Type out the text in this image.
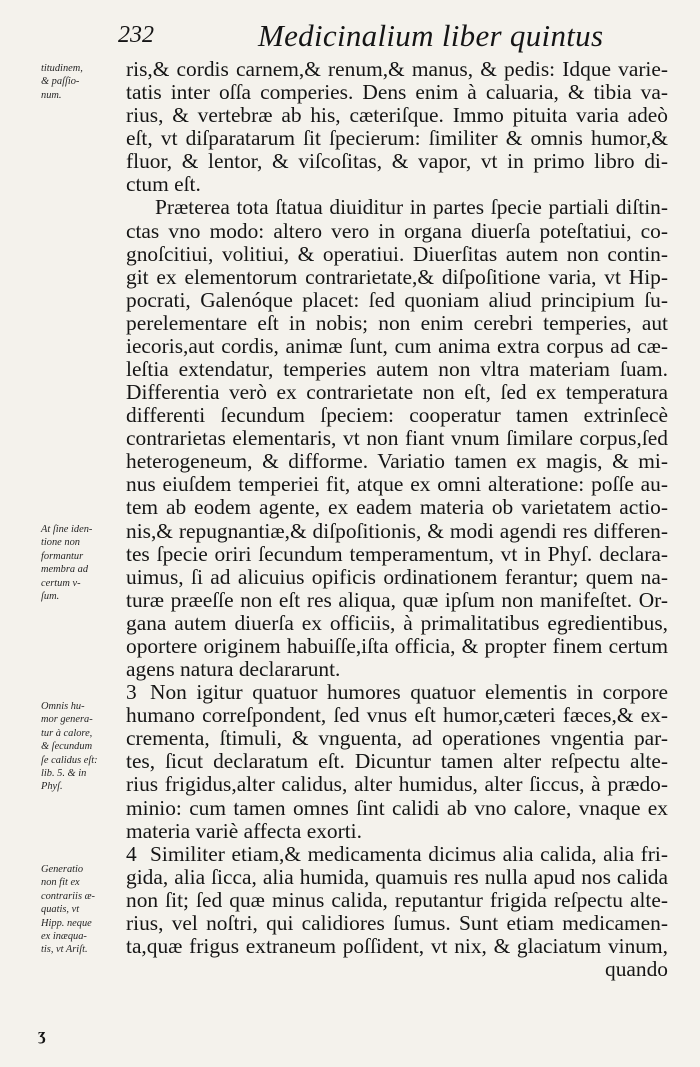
232	Medicinalium liber quintus
titudinem,
& paſſio-
num.
At ſine iden-
tione non
formantur
membra ad
certum v-
ſum.
Omnis hu-
mor genera-
tur à calore,
& ſecundum
ſe calidus eſt:
lib. 5. & in
Phyſ.
Generatio
non fit ex
contrariis æ-
quatis, vt
Hipp. neque
ex inæqua-
tis, vt Ariſt.
ris,& cordis carnem,& renum,& manus, & pedis: Idque varie-
tatis inter oſſa comperies. Dens enim à caluaria, & tibia va-
rius, & vertebræ ab his, cæteriſque. Immo pituita varia adeò
eſt, vt diſparatarum ſit ſpecierum: ſimiliter & omnis humor,&
fluor, & lentor, & viſcoſitas, & vapor, vt in primo libro di-
ctum eſt.
Præterea tota ſtatua diuiditur in partes ſpecie partiali diſtin-
ctas vno modo: altero vero in organa diuerſa poteſtatiui, co-
gnoſcitiui, volitiui, & operatiui. Diuerſitas autem non contin-
git ex elementorum contrarietate,& diſpoſitione varia, vt Hip-
pocrati, Galenóque placet: ſed quoniam aliud principium ſu-
perelementare eſt in nobis; non enim cerebri temperies, aut
iecoris,aut cordis, animæ ſunt, cum anima extra corpus ad cæ-
leſtia extendatur, temperies autem non vltra materiam ſuam.
Differentia verò ex contrarietate non eſt, ſed ex temperatura
differenti ſecundum ſpeciem: cooperatur tamen extrinſecè
contrarietas elementaris, vt non fiant vnum ſimilare corpus,ſed
heterogeneum, & difforme. Variatio tamen ex magis, & mi-
nus eiuſdem temperiei fit, atque ex omni alteratione: poſſe au-
tem ab eodem agente, ex eadem materia ob varietatem actio-
nis,& repugnantiæ,& diſpoſitionis, & modi agendi res differen-
tes ſpecie oriri ſecundum temperamentum, vt in Phyſ. declara-
uimus, ſi ad alicuius opificis ordinationem ferantur; quem na-
turæ præeſſe non eſt res aliqua, quæ ipſum non manifeſtet. Or-
gana autem diuerſa ex officiis, à primalitatibus egredientibus,
oportere originem habuiſſe,iſta officia, & propter finem certum
agens natura declararunt.
3 Non igitur quatuor humores quatuor elementis in corpore
humano correſpondent, ſed vnus eſt humor,cæteri fæces,& ex-
crementa, ſtimuli, & vnguenta, ad operationes vngentia par-
tes, ſicut declaratum eſt. Dicuntur tamen alter reſpectu alte-
rius frigidus,alter calidus, alter humidus, alter ſiccus, à prædo-
minio: cum tamen omnes ſint calidi ab vno calore, vnaque ex
materia variè affecta exorti.
4 Similiter etiam,& medicamenta dicimus alia calida, alia fri-
gida, alia ſicca, alia humida, quamuis res nulla apud nos calida
non ſit; ſed quæ minus calida, reputantur frigida reſpectu alte-
rius, vel noſtri, qui calidiores ſumus. Sunt etiam medicamen-
ta,quæ frigus extraneum poſſident, vt nix, & glaciatum vinum,
quando
ʒ
